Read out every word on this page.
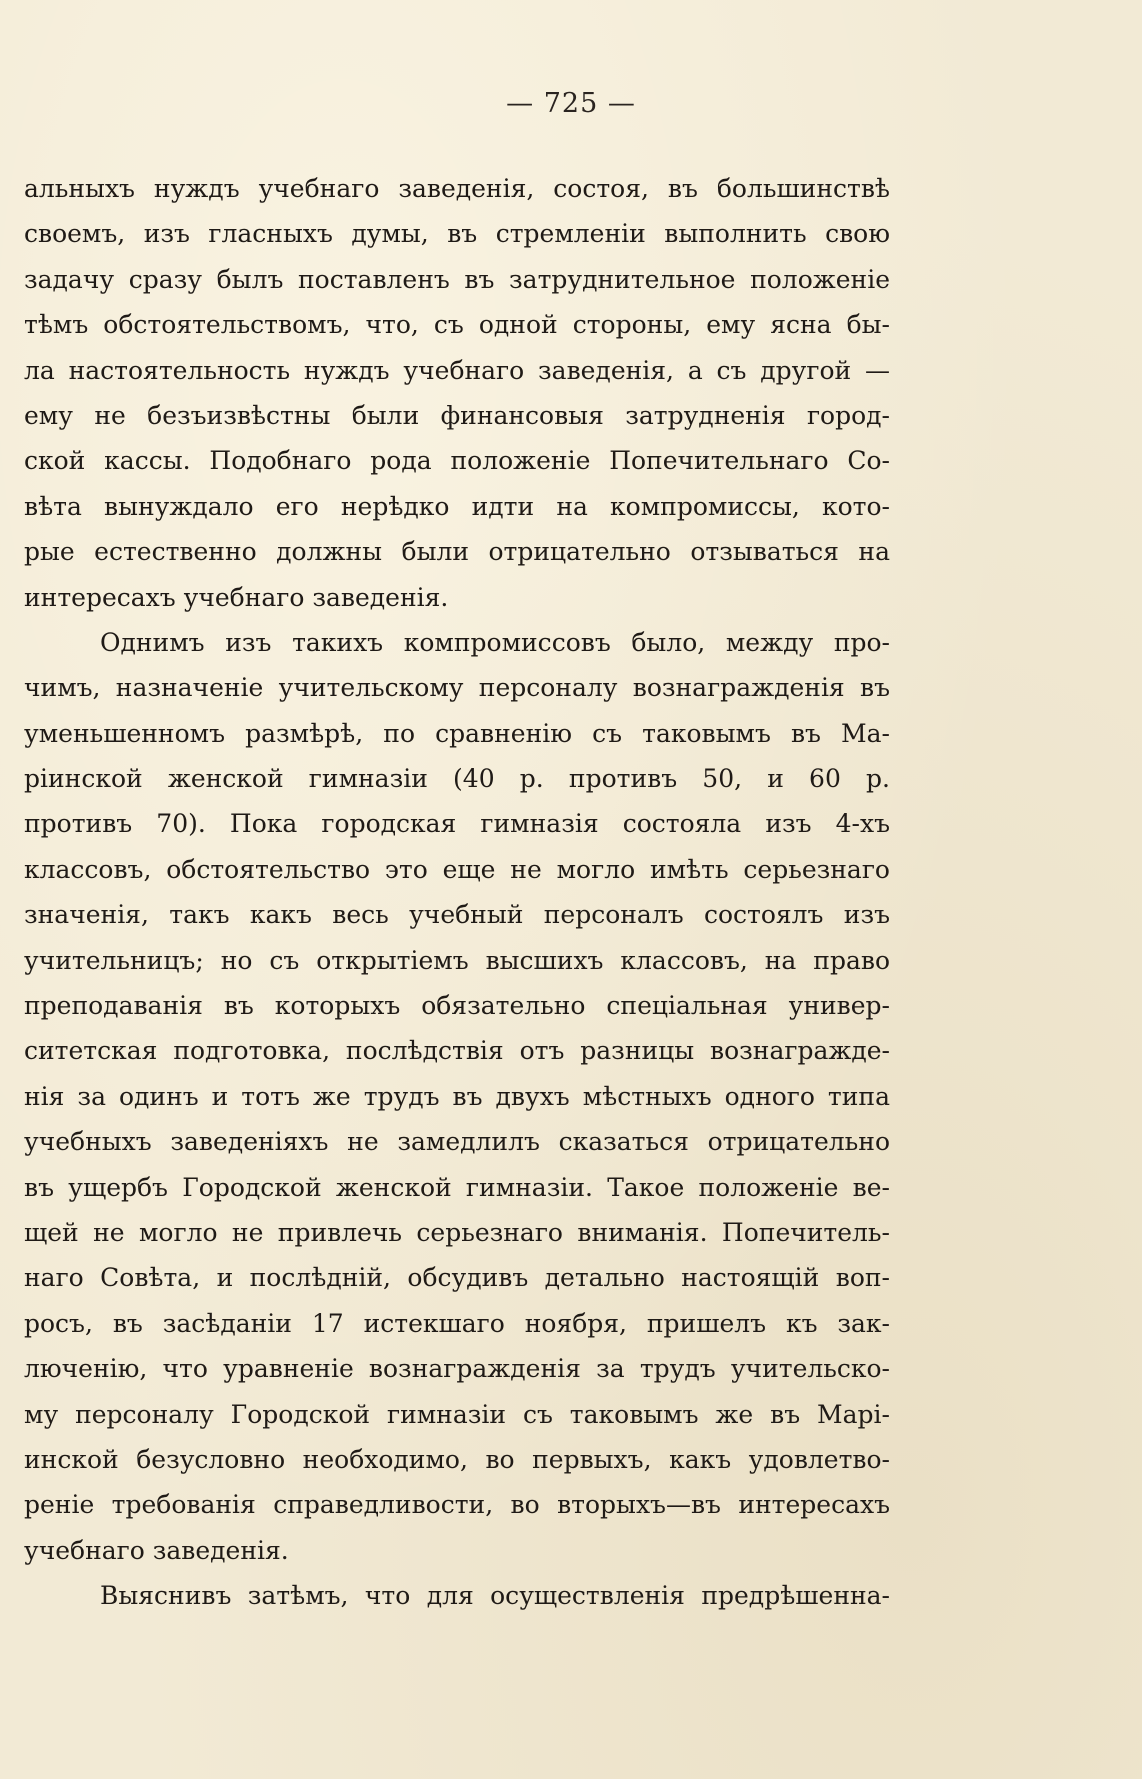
— 725 —
альныхъ нуждъ учебнаго заведенія, состоя, въ большинствѣ
своемъ, изъ гласныхъ думы, въ стремленіи выполнить свою
задачу сразу былъ поставленъ въ затруднительное положеніе
тѣмъ обстоятельствомъ, что, съ одной стороны, ему ясна бы-
ла настоятельность нуждъ учебнаго заведенія, а съ другой —
ему не безъизвѣстны были финансовыя затрудненія город-
ской кассы. Подобнаго рода положеніе Попечительнаго Со-
вѣта вынуждало его нерѣдко идти на компромиссы, кото-
рые естественно должны были отрицательно отзываться на
интересахъ учебнаго заведенія.
Однимъ изъ такихъ компромиссовъ было, между про-
чимъ, назначеніе учительскому персоналу вознагражденія въ
уменьшенномъ размѣрѣ, по сравненію съ таковымъ въ Ма-
ріинской женской гимназіи (40 р. противъ 50, и 60 р.
противъ 70). Пока городская гимназія состояла изъ 4-хъ
классовъ, обстоятельство это еще не могло имѣть серьезнаго
значенія, такъ какъ весь учебный персоналъ состоялъ изъ
учительницъ; но съ открытіемъ высшихъ классовъ, на право
преподаванія въ которыхъ обязательно спеціальная универ-
ситетская подготовка, послѣдствія отъ разницы вознагражде-
нія за одинъ и тотъ же трудъ въ двухъ мѣстныхъ одного типа
учебныхъ заведеніяхъ не замедлилъ сказаться отрицательно
въ ущербъ Городской женской гимназіи. Такое положеніе ве-
щей не могло не привлечь серьезнаго вниманія. Попечитель-
наго Совѣта, и послѣдній, обсудивъ детально настоящій воп-
росъ, въ засѣданіи 17 истекшаго ноября, пришелъ къ зак-
люченію, что уравненіе вознагражденія за трудъ учительско-
му персоналу Городской гимназіи съ таковымъ же въ Марі-
инской безусловно необходимо, во первыхъ, какъ удовлетво-
реніе требованія справедливости, во вторыхъ—въ интересахъ
учебнаго заведенія.
Выяснивъ затѣмъ, что для осуществленія предрѣшенна-
